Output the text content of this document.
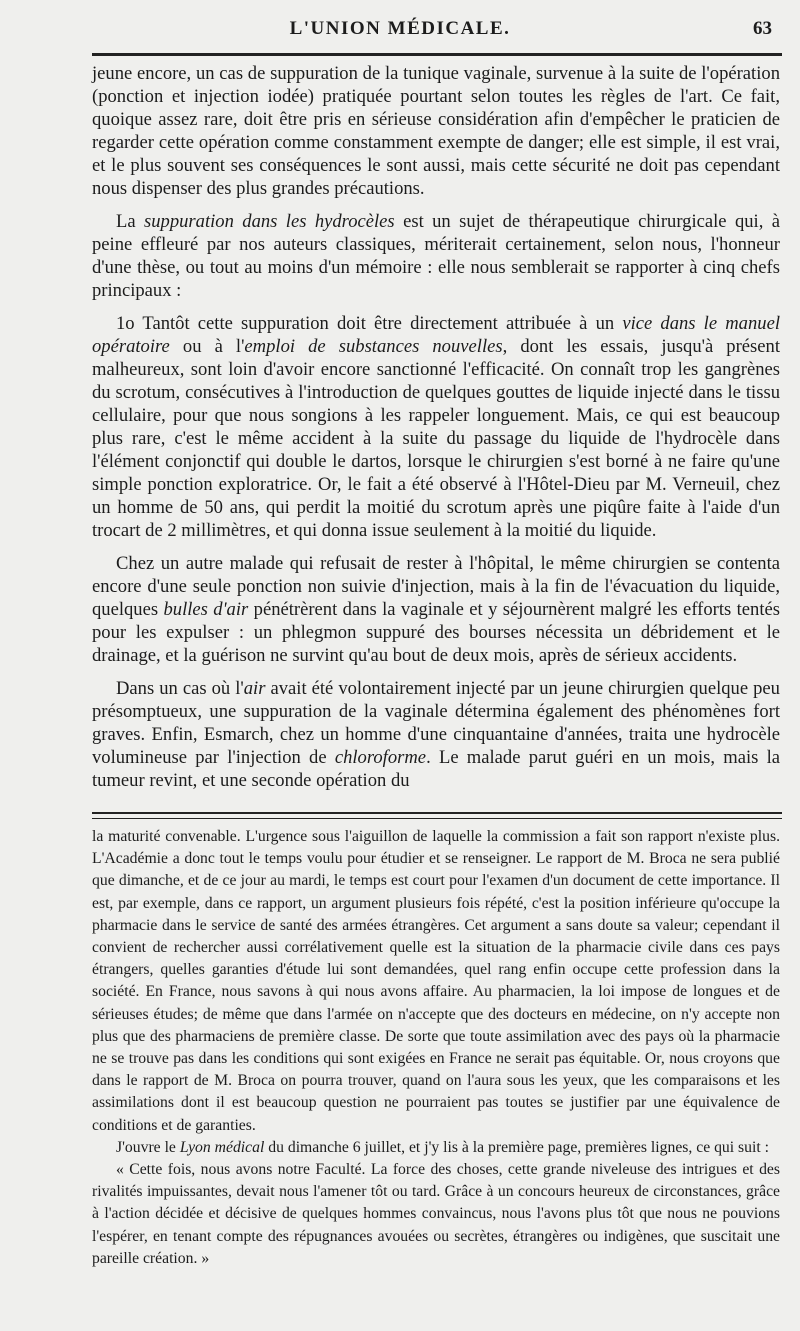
L'UNION MÉDICALE.	63

jeune encore, un cas de suppuration de la tunique vaginale, survenue à la suite de l'opération (ponction et injection iodée) pratiquée pourtant selon toutes les règles de l'art. Ce fait, quoique assez rare, doit être pris en sérieuse considération afin d'empêcher le praticien de regarder cette opération comme constamment exempte de danger; elle est simple, il est vrai, et le plus souvent ses conséquences le sont aussi, mais cette sécurité ne doit pas cependant nous dispenser des plus grandes précautions.

La suppuration dans les hydrocèles est un sujet de thérapeutique chirurgicale qui, à peine effleuré par nos auteurs classiques, mériterait certainement, selon nous, l'honneur d'une thèse, ou tout au moins d'un mémoire : elle nous semblerait se rapporter à cinq chefs principaux :

1o Tantôt cette suppuration doit être directement attribuée à un vice dans le manuel opératoire ou à l'emploi de substances nouvelles, dont les essais, jusqu'à présent malheureux, sont loin d'avoir encore sanctionné l'efficacité. On connaît trop les gangrènes du scrotum, consécutives à l'introduction de quelques gouttes de liquide injecté dans le tissu cellulaire, pour que nous songions à les rappeler longuement. Mais, ce qui est beaucoup plus rare, c'est le même accident à la suite du passage du liquide de l'hydrocèle dans l'élément conjonctif qui double le dartos, lorsque le chirurgien s'est borné à ne faire qu'une simple ponction exploratrice. Or, le fait a été observé à l'Hôtel-Dieu par M. Verneuil, chez un homme de 50 ans, qui perdit la moitié du scrotum après une piqûre faite à l'aide d'un trocart de 2 millimètres, et qui donna issue seulement à la moitié du liquide.

Chez un autre malade qui refusait de rester à l'hôpital, le même chirurgien se contenta encore d'une seule ponction non suivie d'injection, mais à la fin de l'évacuation du liquide, quelques bulles d'air pénétrèrent dans la vaginale et y séjournèrent malgré les efforts tentés pour les expulser : un phlegmon suppuré des bourses nécessita un débridement et le drainage, et la guérison ne survint qu'au bout de deux mois, après de sérieux accidents.

Dans un cas où l'air avait été volontairement injecté par un jeune chirurgien quelque peu présomptueux, une suppuration de la vaginale détermina également des phénomènes fort graves. Enfin, Esmarch, chez un homme d'une cinquantaine d'années, traita une hydrocèle volumineuse par l'injection de chloroforme. Le malade parut guéri en un mois, mais la tumeur revint, et une seconde opération du

la maturité convenable. L'urgence sous l'aiguillon de laquelle la commission a fait son rapport n'existe plus. L'Académie a donc tout le temps voulu pour étudier et se renseigner. Le rapport de M. Broca ne sera publié que dimanche, et de ce jour au mardi, le temps est court pour l'examen d'un document de cette importance. Il est, par exemple, dans ce rapport, un argument plusieurs fois répété, c'est la position inférieure qu'occupe la pharmacie dans le service de santé des armées étrangères. Cet argument a sans doute sa valeur; cependant il convient de rechercher aussi corrélativement quelle est la situation de la pharmacie civile dans ces pays étrangers, quelles garanties d'étude lui sont demandées, quel rang enfin occupe cette profession dans la société. En France, nous savons à qui nous avons affaire. Au pharmacien, la loi impose de longues et de sérieuses études; de même que dans l'armée on n'accepte que des docteurs en médecine, on n'y accepte non plus que des pharmaciens de première classe. De sorte que toute assimilation avec des pays où la pharmacie ne se trouve pas dans les conditions qui sont exigées en France ne serait pas équitable. Or, nous croyons que dans le rapport de M. Broca on pourra trouver, quand on l'aura sous les yeux, que les comparaisons et les assimilations dont il est beaucoup question ne pourraient pas toutes se justifier par une équivalence de conditions et de garanties.

J'ouvre le Lyon médical du dimanche 6 juillet, et j'y lis à la première page, premières lignes, ce qui suit :

« Cette fois, nous avons notre Faculté. La force des choses, cette grande niveleuse des intrigues et des rivalités impuissantes, devait nous l'amener tôt ou tard. Grâce à un concours heureux de circonstances, grâce à l'action décidée et décisive de quelques hommes convaincus, nous l'avons plus tôt que nous ne pouvions l'espérer, en tenant compte des répugnances avouées ou secrètes, étrangères ou indigènes, que suscitait une pareille création. »
